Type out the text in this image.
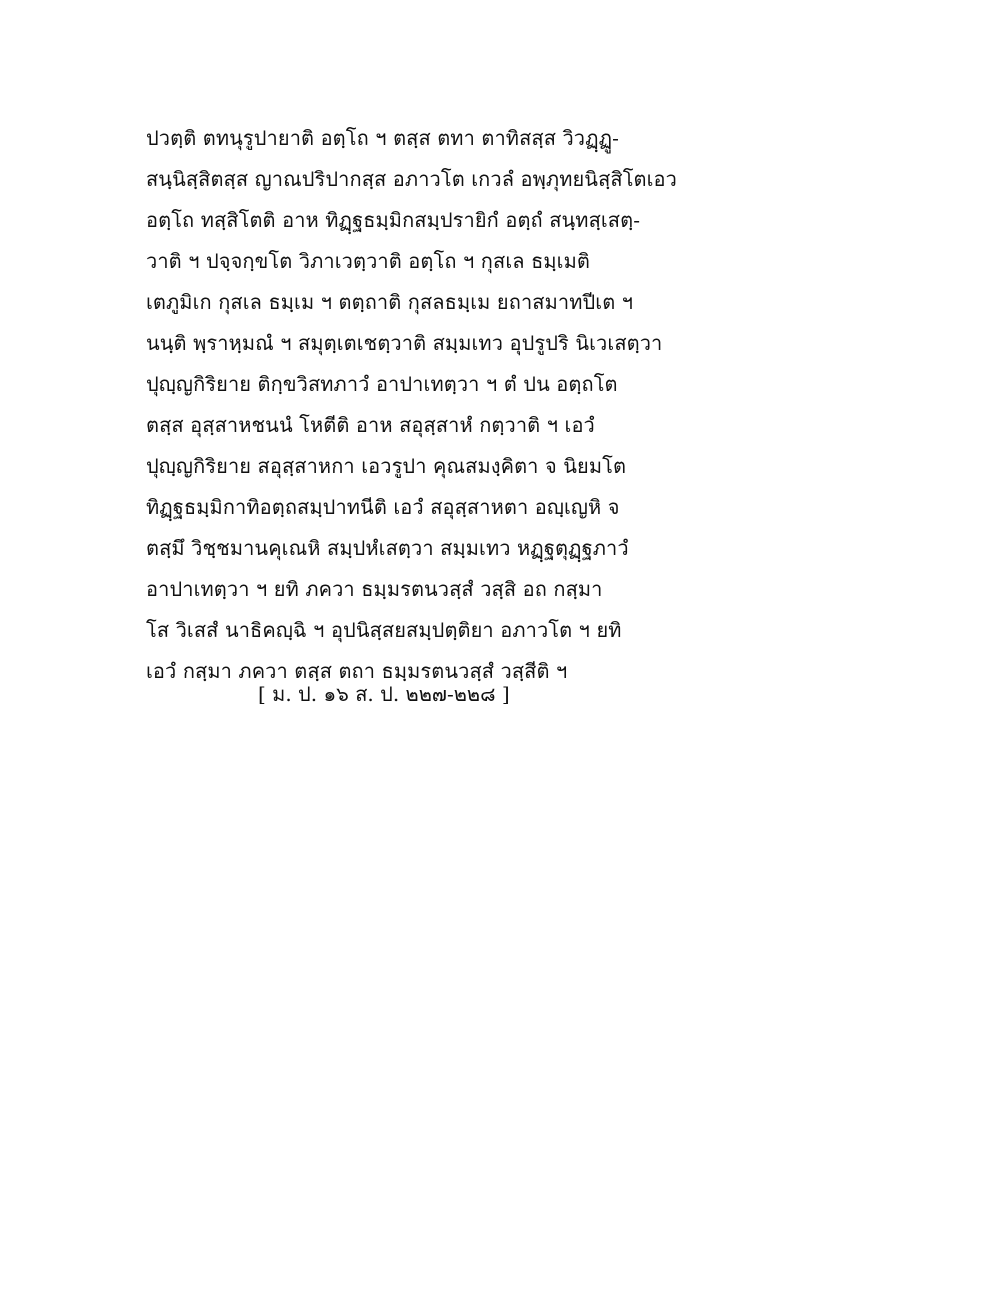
ปวตฺติ ตทนุรูปายาติ อตฺโถ ฯ ตสฺส ตทา ตาทิสสฺส วิวฏฺฏู-
สนฺนิสฺสิตสฺส ญาณปริปากสฺส อภาวโต เกวลํ อพฺภุทยนิสฺสิโตเอว
อตฺโถ ทสฺสิโตติ อาห ทิฏฺฐธมฺมิกสมฺปรายิกํ อตฺถํ สนฺทสฺเสตฺ-
วาติ ฯ ปจฺจกฺขโต วิภาเวตฺวาติ อตฺโถ ฯ กุสเล ธมฺเมติ
เตภูมิเก กุสเล ธมฺเม ฯ ตตฺถาติ กุสลธมฺเม ยถาสมาทปีเต ฯ
นนฺติ พฺราหฺมณํ ฯ สมุตฺเตเชตฺวาติ สมฺมเทว อุปรูปริ นิเวเสตฺวา
ปุญฺญกิริยาย ติกฺขวิสทภาวํ อาปาเทตฺวา ฯ ตํ ปน อตฺถโต
ตสฺส อุสฺสาหชนนํ โหตีติ อาห สอุสฺสาหํ กตฺวาติ ฯ เอวํ
ปุญฺญกิริยาย สอุสฺสาหกา เอวรูปา คุณสมงฺคิตา จ นิยมโต
ทิฏฺฐธมฺมิกาทิอตฺถสมฺปาทนีติ เอวํ สอุสฺสาหตา อญฺเญหิ จ
ตสฺมึ วิชฺชมานคุเณหิ สมฺปหํเสตฺวา สมฺมเทว หฏฺฐตุฏฺฐภาวํ
อาปาเทตฺวา ฯ ยทิ ภควา ธมฺมรตนวสฺสํ วสฺสิ อถ กสฺมา
โส วิเสสํ นาธิคญฺฉิ ฯ อุปนิสฺสยสมฺปตฺติยา อภาวโต ฯ ยทิ
เอวํ กสฺมา ภควา ตสฺส ตถา ธมฺมรตนวสฺสํ วสฺสีติ ฯ
[ ม. ป. ๑๖ ส. ป. ๒๒๗-๒๒๘ ]
